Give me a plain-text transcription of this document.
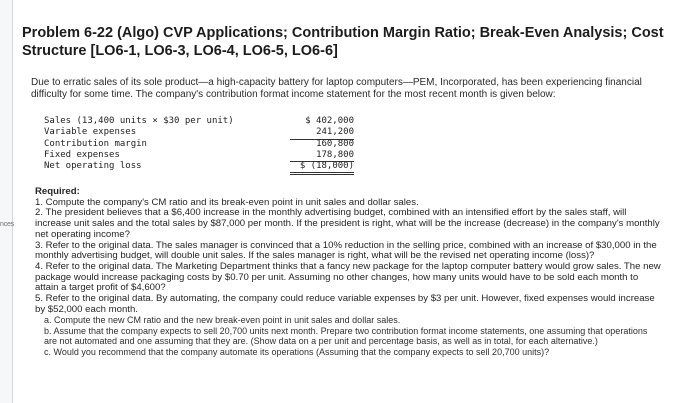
nces
Problem 6-22 (Algo) CVP Applications; Contribution Margin Ratio; Break-Even Analysis; Cost Structure [LO6-1, LO6-3, LO6-4, LO6-5, LO6-6]
Due to erratic sales of its sole product—a high-capacity battery for laptop computers—PEM, Incorporated, has been experiencing financial difficulty for some time. The company's contribution format income statement for the most recent month is given below:
Sales (13,400 units × $30 per unit)	$ 402,000
Variable expenses	241,200
Contribution margin	160,800
Fixed expenses	178,800
Net operating loss	$ (18,000)

Required:

1. Compute the company's CM ratio and its break-even point in unit sales and dollar sales.

2. The president believes that a $6,400 increase in the monthly advertising budget, combined with an intensified effort by the sales staff, will increase unit sales and the total sales by $87,000 per month. If the president is right, what will be the increase (decrease) in the company's monthly net operating income?

3. Refer to the original data. The sales manager is convinced that a 10% reduction in the selling price, combined with an increase of $30,000 in the monthly advertising budget, will double unit sales. If the sales manager is right, what will be the revised net operating income (loss)?

4. Refer to the original data. The Marketing Department thinks that a fancy new package for the laptop computer battery would grow sales. The new package would increase packaging costs by $0.70 per unit. Assuming no other changes, how many units would have to be sold each month to attain a target profit of $4,600?

5. Refer to the original data. By automating, the company could reduce variable expenses by $3 per unit. However, fixed expenses would increase by $52,000 each month.

a. Compute the new CM ratio and the new break-even point in unit sales and dollar sales.

b. Assume that the company expects to sell 20,700 units next month. Prepare two contribution format income statements, one assuming that operations are not automated and one assuming that they are. (Show data on a per unit and percentage basis, as well as in total, for each alternative.)

c. Would you recommend that the company automate its operations (Assuming that the company expects to sell 20,700 units)?
